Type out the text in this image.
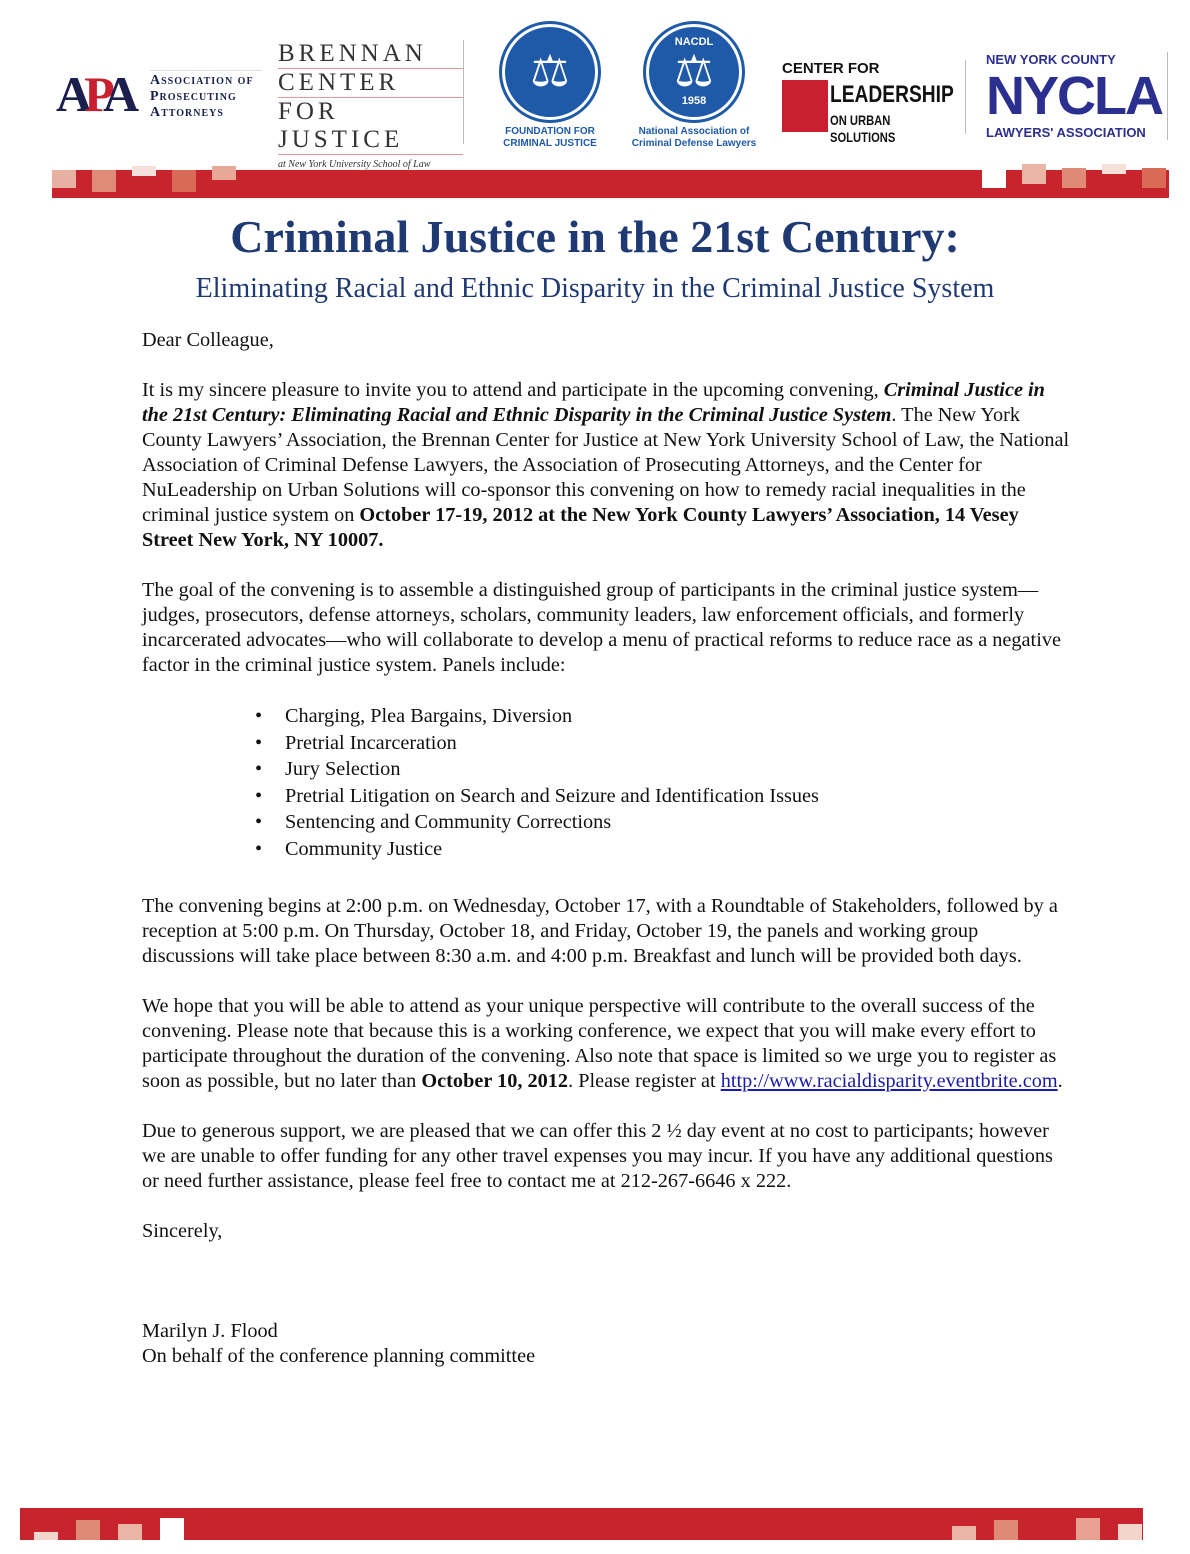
APA Association of
Prosecuting
Attorneys
BRENNAN
CENTER
FOR JUSTICE
at New York University School of Law
⚖
FOUNDATION FOR CRIMINAL JUSTICE
NACDL
⚖
1958
National Association of Criminal Defense Lawyers
CENTER FOR
LEADERSHIP
ON URBAN SOLUTIONS
NEW YORK COUNTY
NYCLA
LAWYERS' ASSOCIATION
Criminal Justice in the 21st Century:
Eliminating Racial and Ethnic Disparity in the Criminal Justice System

Dear Colleague,

It is my sincere pleasure to invite you to attend and participate in the upcoming convening, Criminal Justice in the 21st Century: Eliminating Racial and Ethnic Disparity in the Criminal Justice System. The New York County Lawyers’ Association, the Brennan Center for Justice at New York University School of Law, the National Association of Criminal Defense Lawyers, the Association of Prosecuting Attorneys, and the Center for NuLeadership on Urban Solutions will co-sponsor this convening on how to remedy racial inequalities in the criminal justice system on October 17-19, 2012 at the New York County Lawyers’ Association, 14 Vesey Street New York, NY 10007.

The goal of the convening is to assemble a distinguished group of participants in the criminal justice system— judges, prosecutors, defense attorneys, scholars, community leaders, law enforcement officials, and formerly incarcerated advocates—who will collaborate to develop a menu of practical reforms to reduce race as a negative factor in the criminal justice system. Panels include:

• Charging, Plea Bargains, Diversion
• Pretrial Incarceration
• Jury Selection
• Pretrial Litigation on Search and Seizure and Identification Issues
• Sentencing and Community Corrections
• Community Justice

The convening begins at 2:00 p.m. on Wednesday, October 17, with a Roundtable of Stakeholders, followed by a reception at 5:00 p.m. On Thursday, October 18, and Friday, October 19, the panels and working group discussions will take place between 8:30 a.m. and 4:00 p.m. Breakfast and lunch will be provided both days.

We hope that you will be able to attend as your unique perspective will contribute to the overall success of the convening. Please note that because this is a working conference, we expect that you will make every effort to participate throughout the duration of the convening. Also note that space is limited so we urge you to register as soon as possible, but no later than October 10, 2012. Please register at http://www.racialdisparity.eventbrite.com.

Due to generous support, we are pleased that we can offer this 2 ½ day event at no cost to participants; however we are unable to offer funding for any other travel expenses you may incur. If you have any additional questions or need further assistance, please feel free to contact me at 212-267-6646 x 222.

Sincerely,

Marilyn J. Flood
On behalf of the conference planning committee
